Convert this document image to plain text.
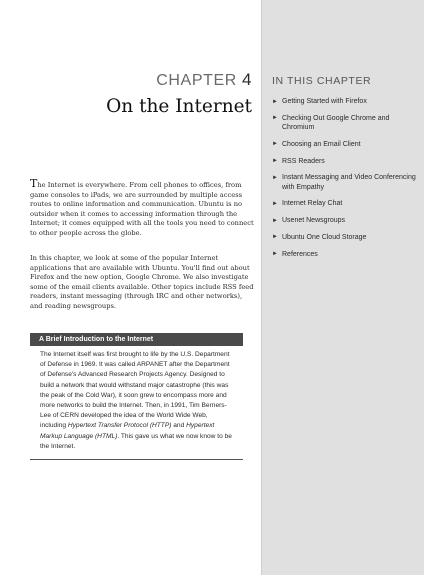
IN THIS CHAPTER
► Getting Started with Firefox
► Checking Out Google Chrome and Chromium
► Choosing an Email Client
► RSS Readers
► Instant Messaging and Video Conferencing with Empathy
► Internet Relay Chat
► Usenet Newsgroups
► Ubuntu One Cloud Storage
► References
CHAPTER 4
On the Internet

The Internet is everywhere. From cell phones to offices, from game consoles to iPads, we are surrounded by multiple access routes to online information and communication. Ubuntu is no outsider when it comes to accessing information through the Internet; it comes equipped with all the tools you need to connect to other people across the globe.

In this chapter, we look at some of the popular Internet applications that are available with Ubuntu. You'll find out about Firefox and the new option, Google Chrome. We also investigate some of the email clients available. Other topics include RSS feed readers, instant messaging (through IRC and other networks), and reading newsgroups.

A Brief Introduction to the Internet

The Internet itself was first brought to life by the U.S. Department of Defense in 1969. It was called ARPANET after the Department of Defense's Advanced Research Projects Agency. Designed to build a network that would withstand major catastrophe (this was the peak of the Cold War), it soon grew to encompass more and more networks to build the Internet. Then, in 1991, Tim Berners-Lee of CERN developed the idea of the World Wide Web, including Hypertext Transfer Protocol (HTTP) and Hypertext Markup Language (HTML). This gave us what we now know to be the Internet.
